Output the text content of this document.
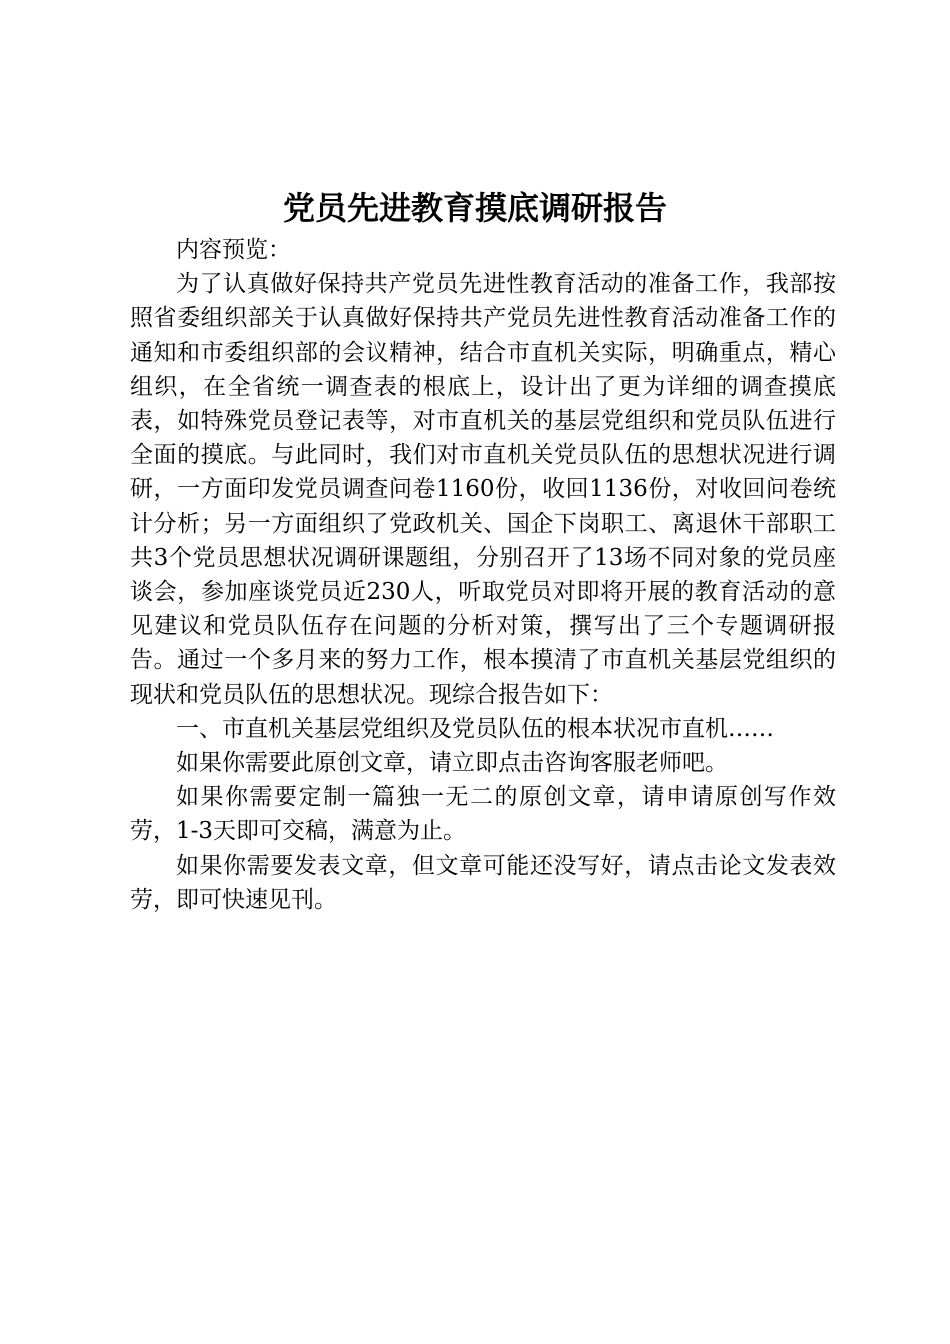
党员先进教育摸底调研报告

内容预览：

为了认真做好保持共产党员先进性教育活动的准备工作，我部按照省委组织部关于认真做好保持共产党员先进性教育活动准备工作的通知和市委组织部的会议精神，结合市直机关实际，明确重点，精心组织，在全省统一调查表的根底上，设计出了更为详细的调查摸底表，如特殊党员登记表等，对市直机关的基层党组织和党员队伍进行全面的摸底。与此同时，我们对市直机关党员队伍的思想状况进行调研，一方面印发党员调查问卷1160份，收回1136份，对收回问卷统计分析；另一方面组织了党政机关、国企下岗职工、离退休干部职工共3个党员思想状况调研课题组，分别召开了13场不同对象的党员座谈会，参加座谈党员近230人，听取党员对即将开展的教育活动的意见建议和党员队伍存在问题的分析对策，撰写出了三个专题调研报告。通过一个多月来的努力工作，根本摸清了市直机关基层党组织的现状和党员队伍的思想状况。现综合报告如下：

一、市直机关基层党组织及党员队伍的根本状况市直机……

如果你需要此原创文章，请立即点击咨询客服老师吧。

如果你需要定制一篇独一无二的原创文章，请申请原创写作效劳，1-3天即可交稿，满意为止。

如果你需要发表文章，但文章可能还没写好，请点击论文发表效劳，即可快速见刊。
